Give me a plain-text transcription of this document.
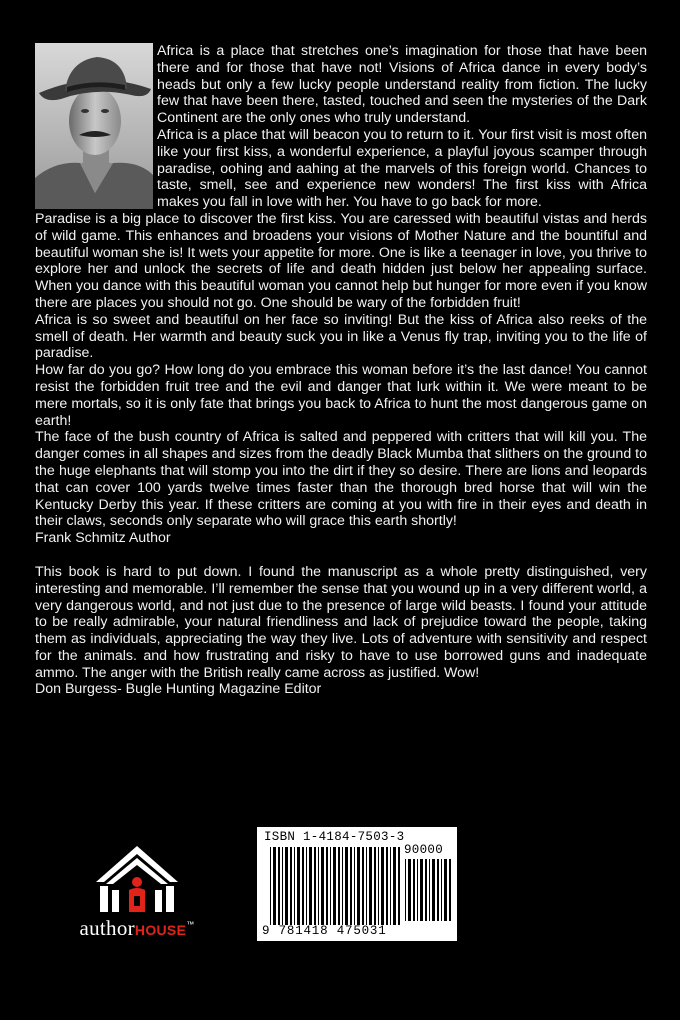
Africa is a place that stretches one’s imagination for those that have been there and for those that have not! Visions of Africa dance in every body’s heads but only a few lucky people understand reality from fiction. The lucky few that have been there, tasted, touched and seen the mysteries of the Dark Continent are the only ones who truly understand.

Africa is a place that will beacon you to return to it. Your first visit is most often like your first kiss, a wonderful experience, a playful joyous scamper through paradise, oohing and aahing at the marvels of this foreign world. Chances to taste, smell, see and experience new wonders! The first kiss with Africa makes you fall in love with her. You have to go back for more.

Paradise is a big place to discover the first kiss. You are caressed with beautiful vistas and herds of wild game. This enhances and broadens your visions of Mother Nature and the bountiful and beautiful woman she is! It wets your appetite for more. One is like a teenager in love, you thrive to explore her and unlock the secrets of life and death hidden just below her appealing surface. When you dance with this beautiful woman you cannot help but hunger for more even if you know there are places you should not go. One should be wary of the forbidden fruit!

Africa is so sweet and beautiful on her face so inviting! But the kiss of Africa also reeks of the smell of death. Her warmth and beauty suck you in like a Venus fly trap, inviting you to the life of paradise.

How far do you go? How long do you embrace this woman before it’s the last dance! You cannot resist the forbidden fruit tree and the evil and danger that lurk within it. We were meant to be mere mortals, so it is only fate that brings you back to Africa to hunt the most dangerous game on earth!

The face of the bush country of Africa is salted and peppered with critters that will kill you. The danger comes in all shapes and sizes from the deadly Black Mumba that slithers on the ground to the huge elephants that will stomp you into the dirt if they so desire. There are lions and leopards that can cover 100 yards twelve times faster than the thorough bred horse that will win the Kentucky Derby this year. If these critters are coming at you with fire in their eyes and death in their claws, seconds only separate who will grace this earth shortly!

Frank Schmitz Author

This book is hard to put down. I found the manuscript as a whole pretty distinguished, very interesting and memorable. I’ll remember the sense that you wound up in a very different world, a very dangerous world, and not just due to the presence of large wild beasts. I found your attitude to be really admirable, your natural friendliness and lack of prejudice toward the people, taking them as individuals, appreciating the way they live. Lots of adventure with sensitivity and respect for the animals. and how frustrating and risky to have to use borrowed guns and inadequate ammo. The anger with the British really came across as justified. Wow!

Don Burgess- Bugle Hunting Magazine Editor

authorHOUSE™
ISBN 1-4184-7503-3
90000
9 781418 475031
